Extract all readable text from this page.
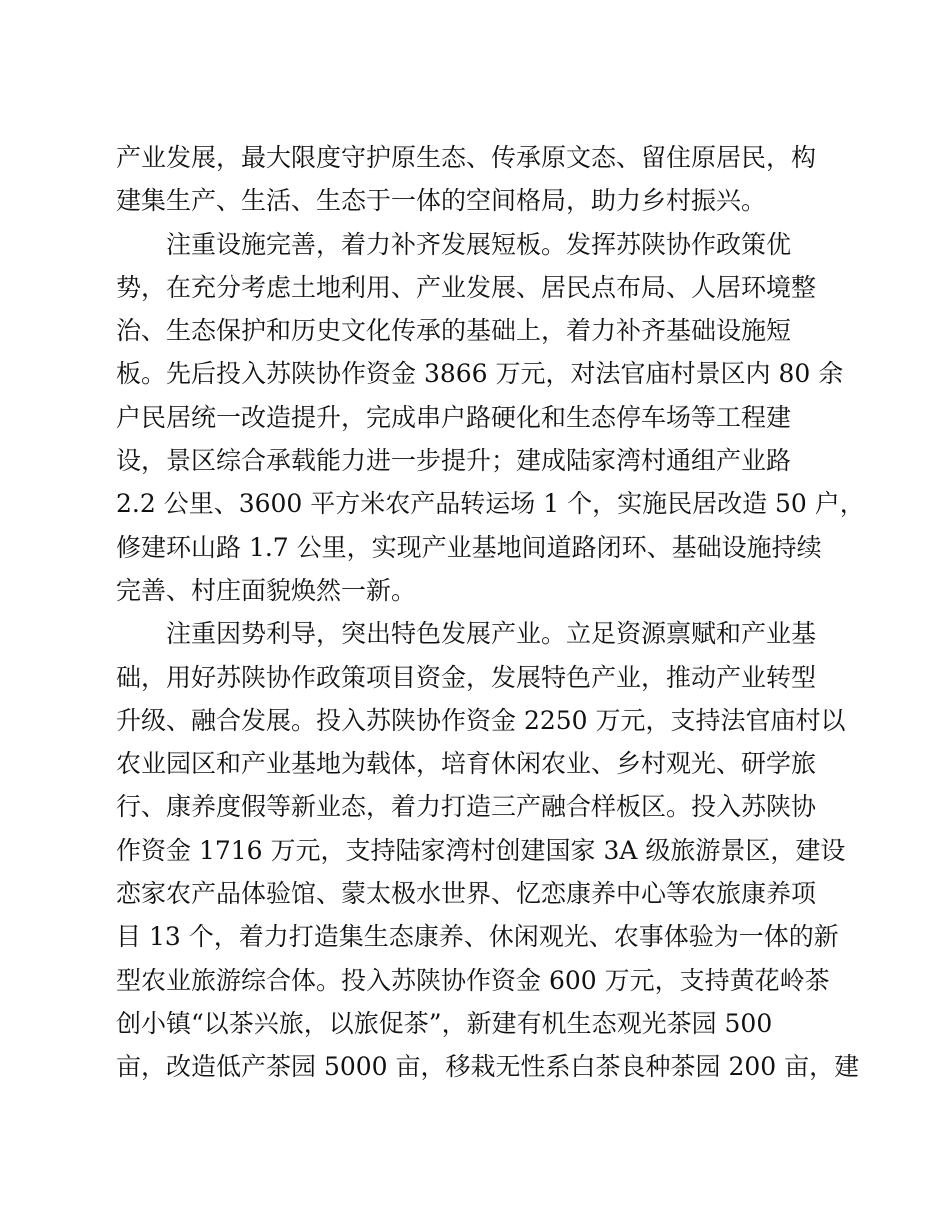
产业发展，最大限度守护原生态、传承原文态、留住原居民，构
建集生产、生活、生态于一体的空间格局，助力乡村振兴。
注重设施完善，着力补齐发展短板。发挥苏陕协作政策优
势，在充分考虑土地利用、产业发展、居民点布局、人居环境整
治、生态保护和历史文化传承的基础上，着力补齐基础设施短
板。先后投入苏陕协作资金 3866 万元，对法官庙村景区内 80 余
户民居统一改造提升，完成串户路硬化和生态停车场等工程建
设，景区综合承载能力进一步提升；建成陆家湾村通组产业路
2.2 公里、3600 平方米农产品转运场 1 个，实施民居改造 50 户，
修建环山路 1.7 公里，实现产业基地间道路闭环、基础设施持续
完善、村庄面貌焕然一新。
注重因势利导，突出特色发展产业。立足资源禀赋和产业基
础，用好苏陕协作政策项目资金，发展特色产业，推动产业转型
升级、融合发展。投入苏陕协作资金 2250 万元，支持法官庙村以
农业园区和产业基地为载体，培育休闲农业、乡村观光、研学旅
行、康养度假等新业态，着力打造三产融合样板区。投入苏陕协
作资金 1716 万元，支持陆家湾村创建国家 3A 级旅游景区，建设
恋家农产品体验馆、蒙太极水世界、忆恋康养中心等农旅康养项
目 13 个，着力打造集生态康养、休闲观光、农事体验为一体的新
型农业旅游综合体。投入苏陕协作资金 600 万元，支持黄花岭茶
创小镇“以茶兴旅，以旅促茶”，新建有机生态观光茶园 500
亩，改造低产茶园 5000 亩，移栽无性系白茶良种茶园 200 亩，建
